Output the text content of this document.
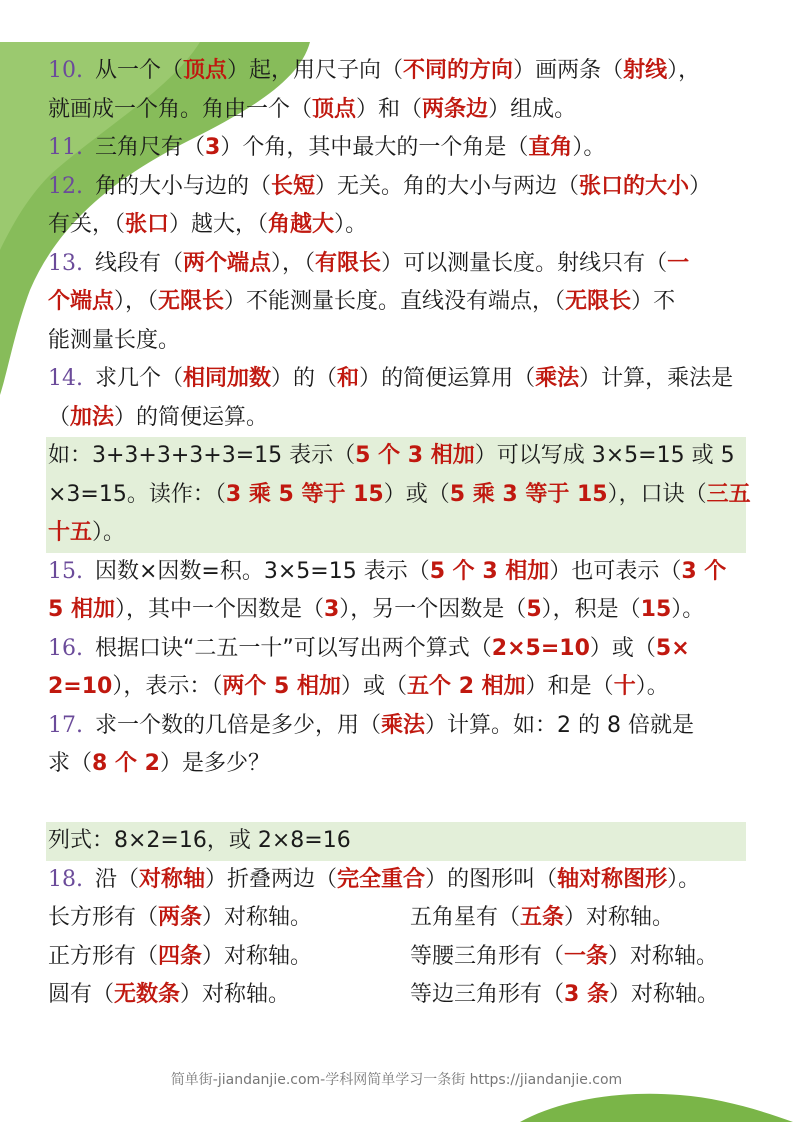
10. 从一个（顶点）起，用尺子向（不同的方向）画两条（射线），
就画成一个角。角由一个（顶点）和（两条边）组成。
11. 三角尺有（3）个角，其中最大的一个角是（直角）。
12. 角的大小与边的（长短）无关。角的大小与两边（张口的大小）
有关，（张口）越大，（角越大）。
13. 线段有（两个端点），（有限长）可以测量长度。射线只有（一
个端点），（无限长）不能测量长度。直线没有端点，（无限长）不
能测量长度。
14. 求几个（相同加数）的（和）的简便运算用（乘法）计算，乘法是
（加法）的简便运算。
如：3+3+3+3+3=15 表示（5 个 3 相加）可以写成 3×5=15 或 5
×3=15。读作：（3 乘 5 等于 15）或（5 乘 3 等于 15），口诀（三五
十五）。
15. 因数×因数=积。3×5=15 表示（5 个 3 相加）也可表示（3 个
5 相加），其中一个因数是（3），另一个因数是（5），积是（15）。
16. 根据口诀“二五一十”可以写出两个算式（2×5=10）或（5×
2=10），表示：（两个 5 相加）或（五个 2 相加）和是（十）。
17. 求一个数的几倍是多少，用（乘法）计算。如：2 的 8 倍就是
求（8 个 2）是多少？
列式：8×2=16，或 2×8=16
18. 沿（对称轴）折叠两边（完全重合）的图形叫（轴对称图形）。
长方形有（两条）对称轴。	五角星有（五条）对称轴。
正方形有（四条）对称轴。	等腰三角形有（一条）对称轴。
圆有（无数条）对称轴。	等边三角形有（3 条）对称轴。
简单街-jiandanjie.com-学科网简单学习一条街 https://jiandanjie.com
